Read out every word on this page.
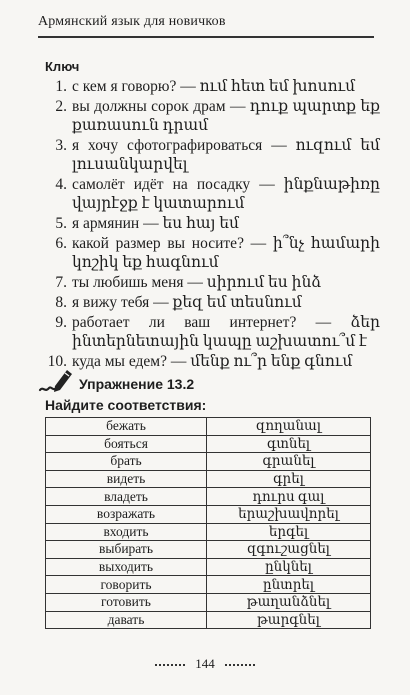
Армянский язык для новичков
Ключ
1. с кем я говорю? — ում հետ եմ խոսում
2. вы должны сорок драм — դուք պարտք եք քառասուն դրամ
3. я хочу сфотографироваться — ուզում եմ լուսանկարվել
4. самолёт идёт на посадку — ինքնաթիռը վայրէջք է կատարում
5. я армянин — ես հայ եմ
6. какой размер вы носите? — ի՞նչ համարի կոշիկ եք հագնում
7. ты любишь меня — սիրում ես ինձ
8. я вижу тебя — քեզ եմ տեսնում
9. работает ли ваш интернет? — ձեր ինտերնետային կապը աշխատու՞մ է
10. куда мы едем? — մենք ու՞ր ենք գնում
Упражнение 13.2
Найдите соответствия:
бежать	զողանալ
бояться	գտնել
брать	գրանել
видеть	գրել
владеть	դուրս գալ
возражать	երաշխավորել
входить	երգել
выбирать	զգուշացնել
выходить	ընկնել
говорить	ընտրել
готовить	թաղանձնել
давать	թարգնել
144
